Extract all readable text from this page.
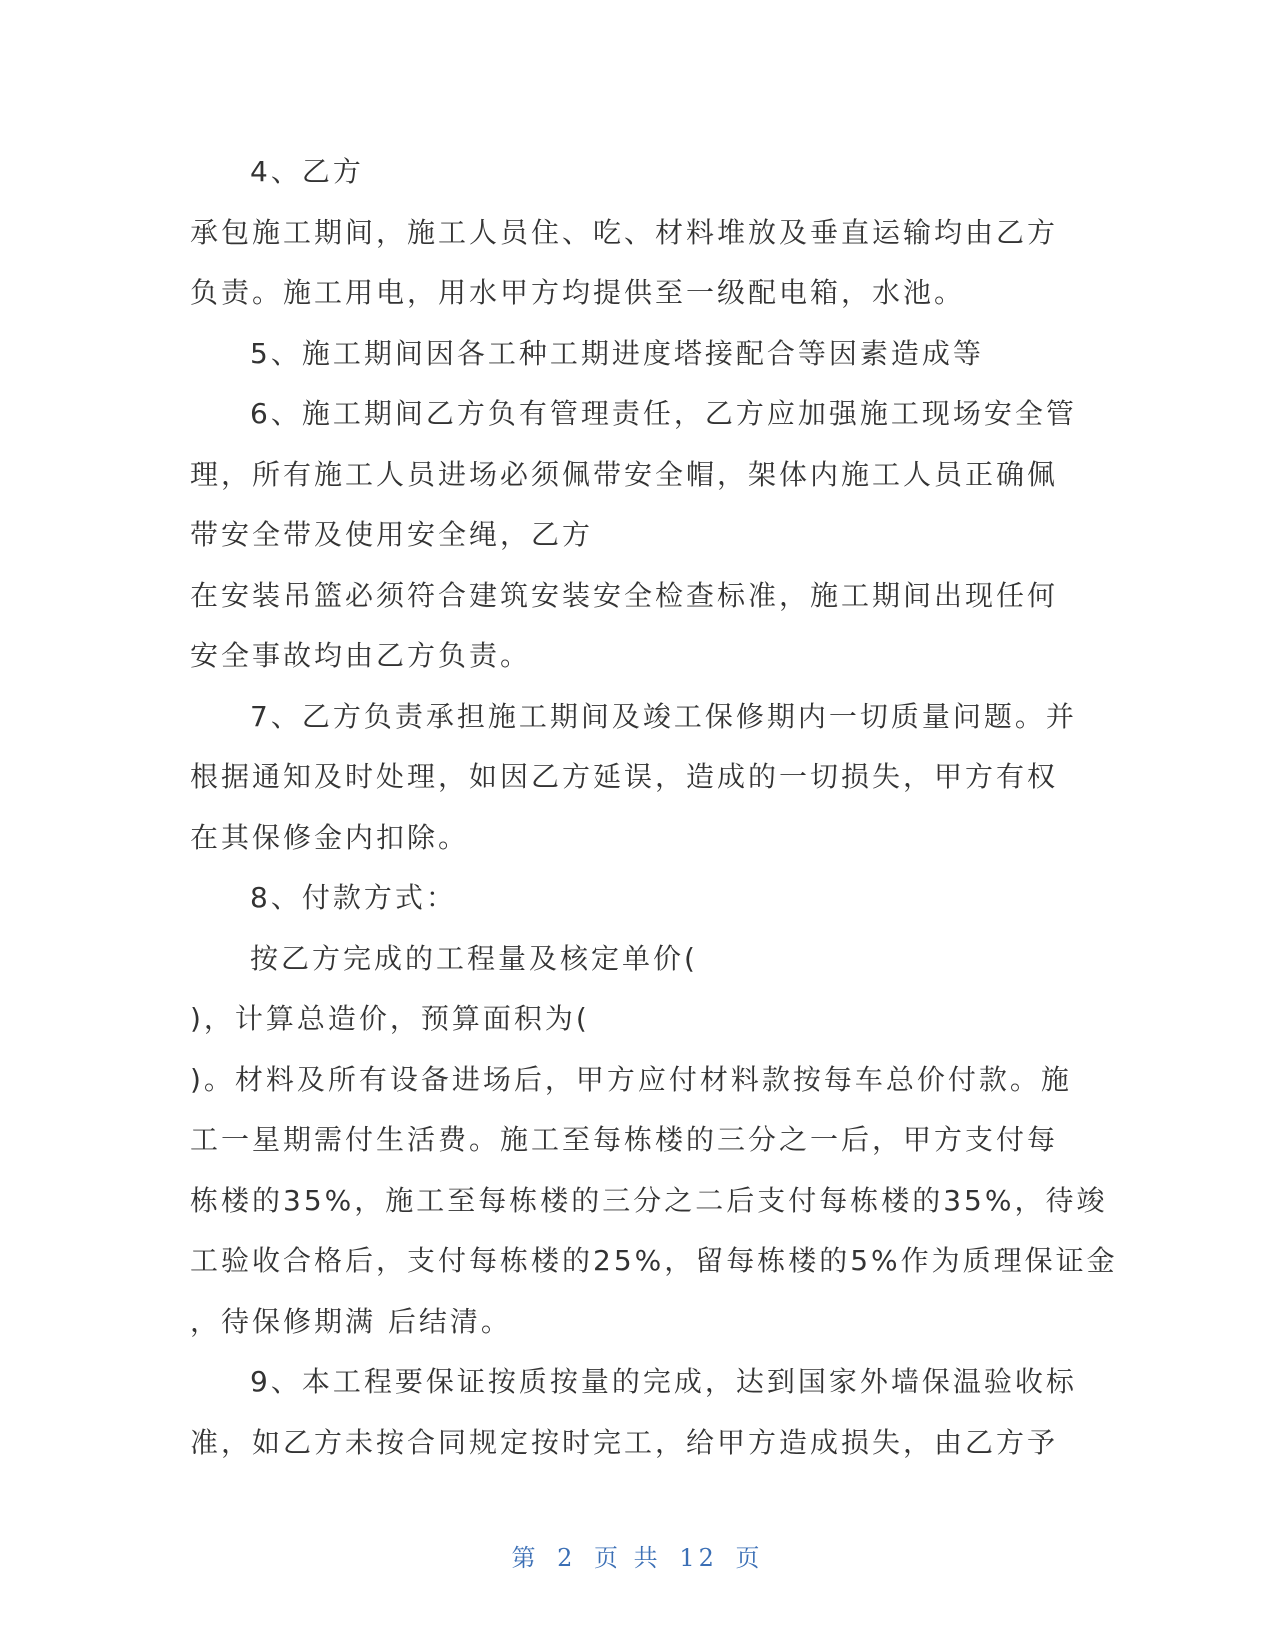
4、乙方
承包施工期间，施工人员住、吃、材料堆放及垂直运输均由乙方
负责。施工用电，用水甲方均提供至一级配电箱，水池。
5、施工期间因各工种工期进度塔接配合等因素造成等
6、施工期间乙方负有管理责任，乙方应加强施工现场安全管
理，所有施工人员进场必须佩带安全帽，架体内施工人员正确佩
带安全带及使用安全绳，乙方
在安装吊篮必须符合建筑安装安全检查标准，施工期间出现任何
安全事故均由乙方负责。
7、乙方负责承担施工期间及竣工保修期内一切质量问题。并
根据通知及时处理，如因乙方延误，造成的一切损失，甲方有权
在其保修金内扣除。
8、付款方式：
按乙方完成的工程量及核定单价(
)，计算总造价，预算面积为(
)。材料及所有设备进场后，甲方应付材料款按每车总价付款。施
工一星期需付生活费。施工至每栋楼的三分之一后，甲方支付每
栋楼的35%，施工至每栋楼的三分之二后支付每栋楼的35%，待竣
工验收合格后，支付每栋楼的25%，留每栋楼的5%作为质理保证金
，待保修期满 后结清。
9、本工程要保证按质按量的完成，达到国家外墙保温验收标
准，如乙方未按合同规定按时完工，给甲方造成损失，由乙方予
第 2 页 共 12 页
